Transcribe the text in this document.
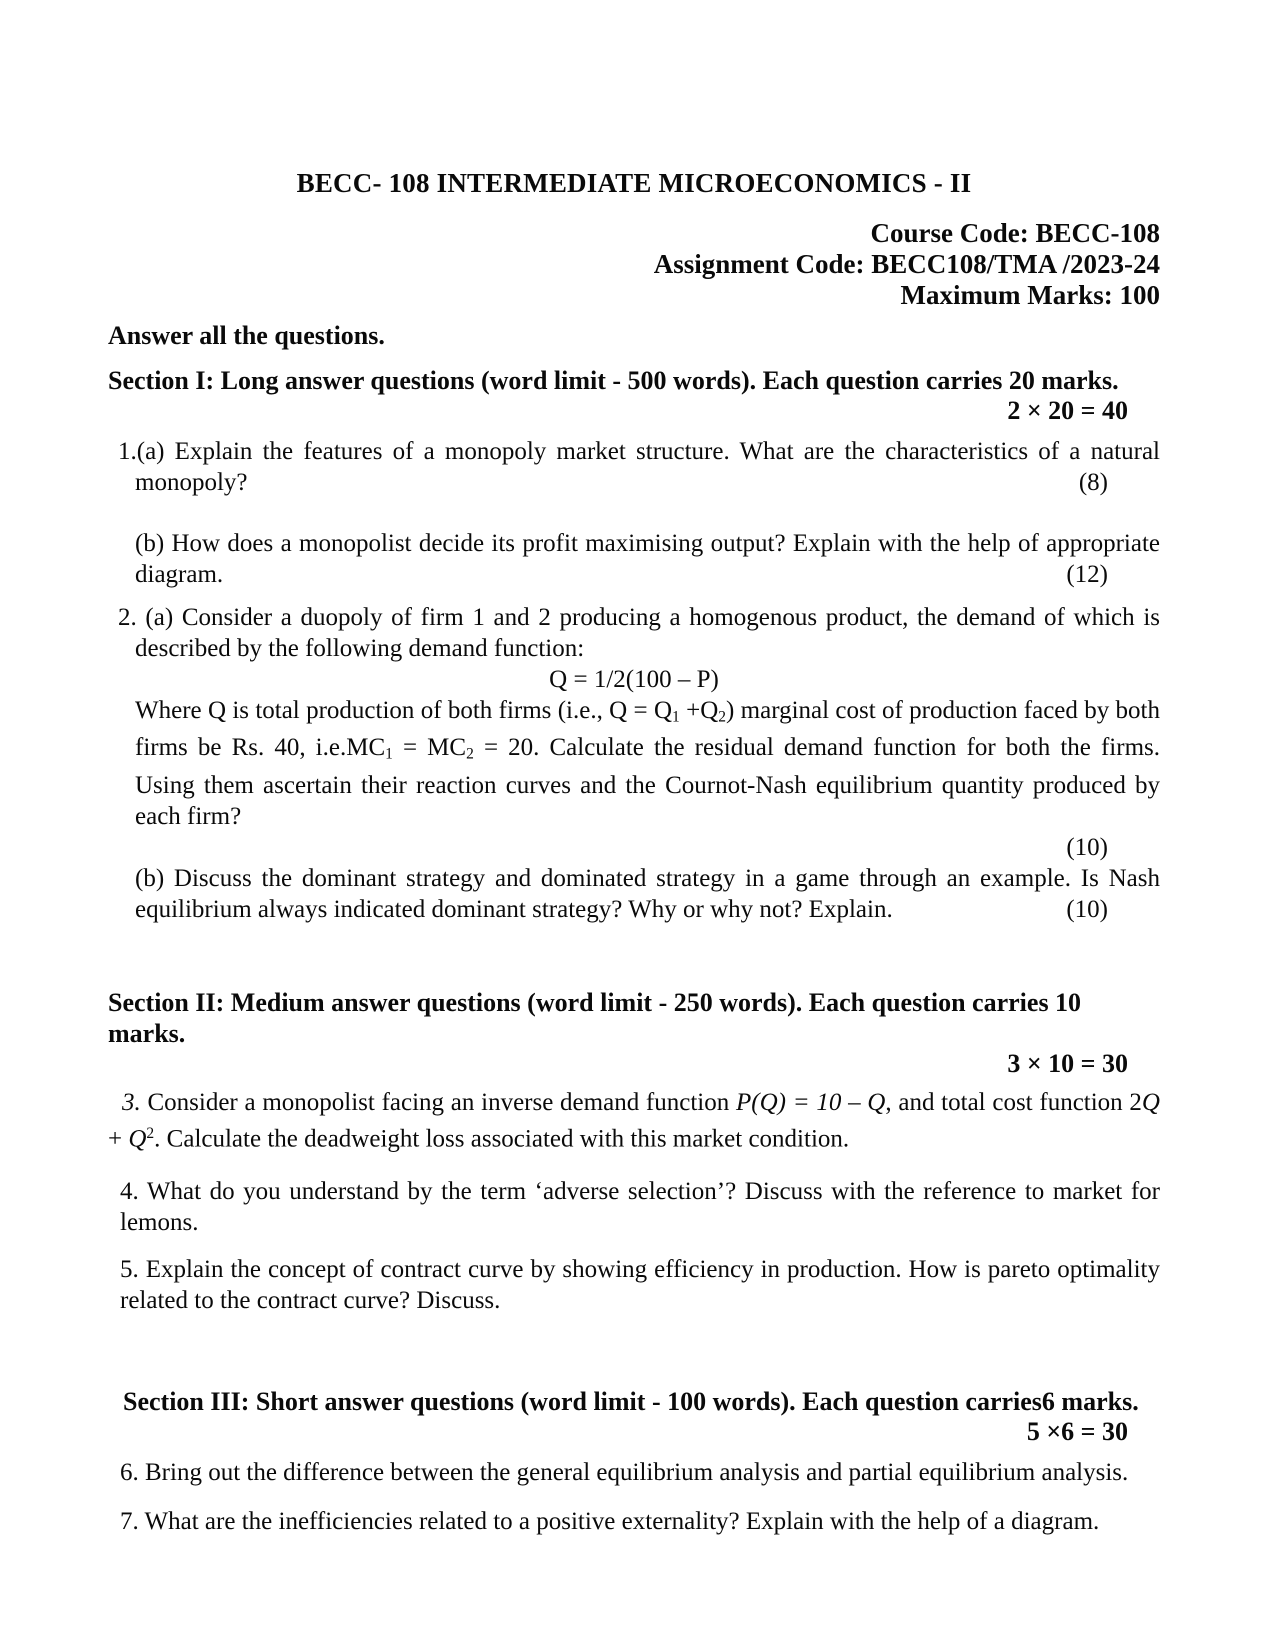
BECC- 108 INTERMEDIATE MICROECONOMICS - II
Course Code: BECC-108
Assignment Code: BECC108/TMA /2023-24
Maximum Marks: 100
Answer all the questions.
Section I: Long answer questions (word limit - 500 words). Each question carries 20 marks.
2 × 20 = 40
1.(a) Explain the features of a monopoly market structure. What are the characteristics of a natural monopoly?	(8)
(b) How does a monopolist decide its profit maximising output? Explain with the help of appropriate diagram.	(12)
2. (a) Consider a duopoly of firm 1 and 2 producing a homogenous product, the demand of which is described by the following demand function:
Q = 1/2(100 – P)
Where Q is total production of both firms (i.e., Q = Q1 +Q2) marginal cost of production faced by both firms be Rs. 40, i.e.MC1 = MC2 = 20. Calculate the residual demand function for both the firms. Using them ascertain their reaction curves and the Cournot-Nash equilibrium quantity produced by each firm?
(10)
(b) Discuss the dominant strategy and dominated strategy in a game through an example. Is Nash equilibrium always indicated dominant strategy? Why or why not? Explain.	(10)
Section II: Medium answer questions (word limit - 250 words). Each question carries 10 marks.
3 × 10 = 30
3. Consider a monopolist facing an inverse demand function P(Q) = 10 – Q, and total cost function $2Q + Q^2$. Calculate the deadweight loss associated with this market condition.
4. What do you understand by the term ‘adverse selection’? Discuss with the reference to market for lemons.
5. Explain the concept of contract curve by showing efficiency in production. How is pareto optimality related to the contract curve? Discuss.
Section III: Short answer questions (word limit - 100 words). Each question carries6 marks.
5 ×6 = 30
6. Bring out the difference between the general equilibrium analysis and partial equilibrium analysis.
7. What are the inefficiencies related to a positive externality? Explain with the help of a diagram.
